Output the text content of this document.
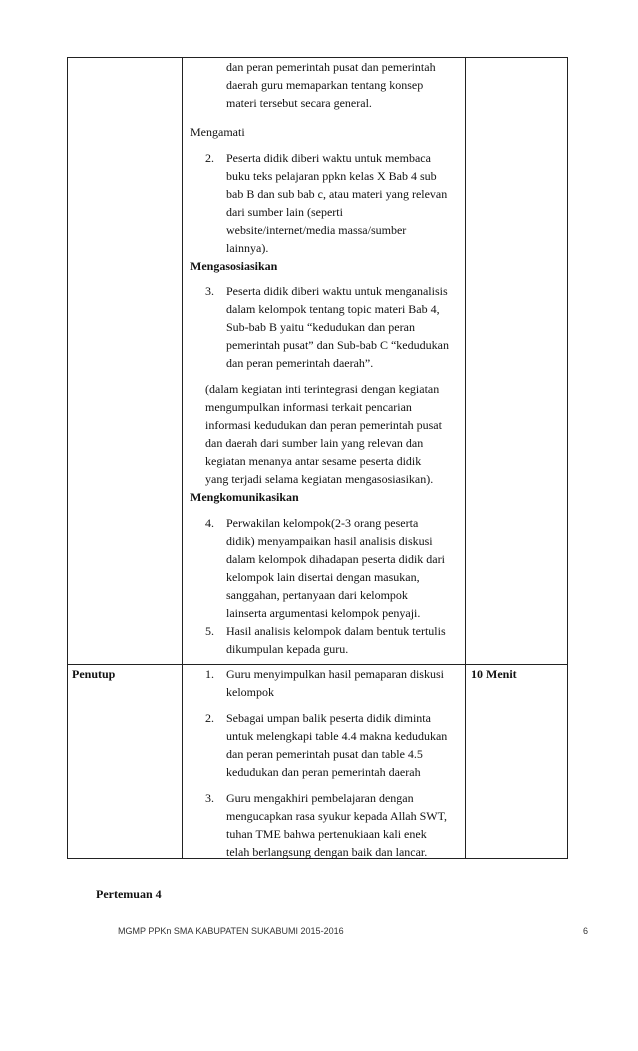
dan peran pemerintah pusat dan pemerintah
daerah guru memaparkan tentang konsep
materi tersebut secara general.
Mengamati
2. Peserta didik diberi waktu untuk membaca
buku teks pelajaran ppkn kelas X Bab 4 sub
bab B dan sub bab c, atau materi yang relevan
dari sumber lain (seperti
website/internet/media massa/sumber
lainnya).
Mengasosiasikan
3. Peserta didik diberi waktu untuk menganalisis
dalam kelompok tentang topic materi Bab 4,
Sub-bab B yaitu “kedudukan dan peran
pemerintah pusat” dan Sub-bab C “kedudukan
dan peran pemerintah daerah”.
(dalam kegiatan inti terintegrasi dengan kegiatan
mengumpulkan informasi terkait pencarian
informasi kedudukan dan peran pemerintah pusat
dan daerah dari sumber lain yang relevan dan
kegiatan menanya antar sesame peserta didik
yang terjadi selama kegiatan mengasosiasikan).
Mengkomunikasikan
4. Perwakilan kelompok(2-3 orang peserta
didik) menyampaikan hasil analisis diskusi
dalam kelompok dihadapan peserta didik dari
kelompok lain disertai dengan masukan,
sanggahan, pertanyaan dari kelompok
lainserta argumentasi kelompok penyaji.
5. Hasil analisis kelompok dalam bentuk tertulis
dikumpulan kepada guru.
Penutup	10 Menit
1. Guru menyimpulkan hasil pemaparan diskusi
kelompok
2. Sebagai umpan balik peserta didik diminta
untuk melengkapi table 4.4 makna kedudukan
dan peran pemerintah pusat dan table 4.5
kedudukan dan peran pemerintah daerah
3. Guru mengakhiri pembelajaran dengan
mengucapkan rasa syukur kepada Allah SWT,
tuhan TME bahwa pertenukiaan kali enek
telah berlangsung dengan baik dan lancar.
Pertemuan 4
MGMP PPKn SMA KABUPATEN SUKABUMI 2015-2016	6
